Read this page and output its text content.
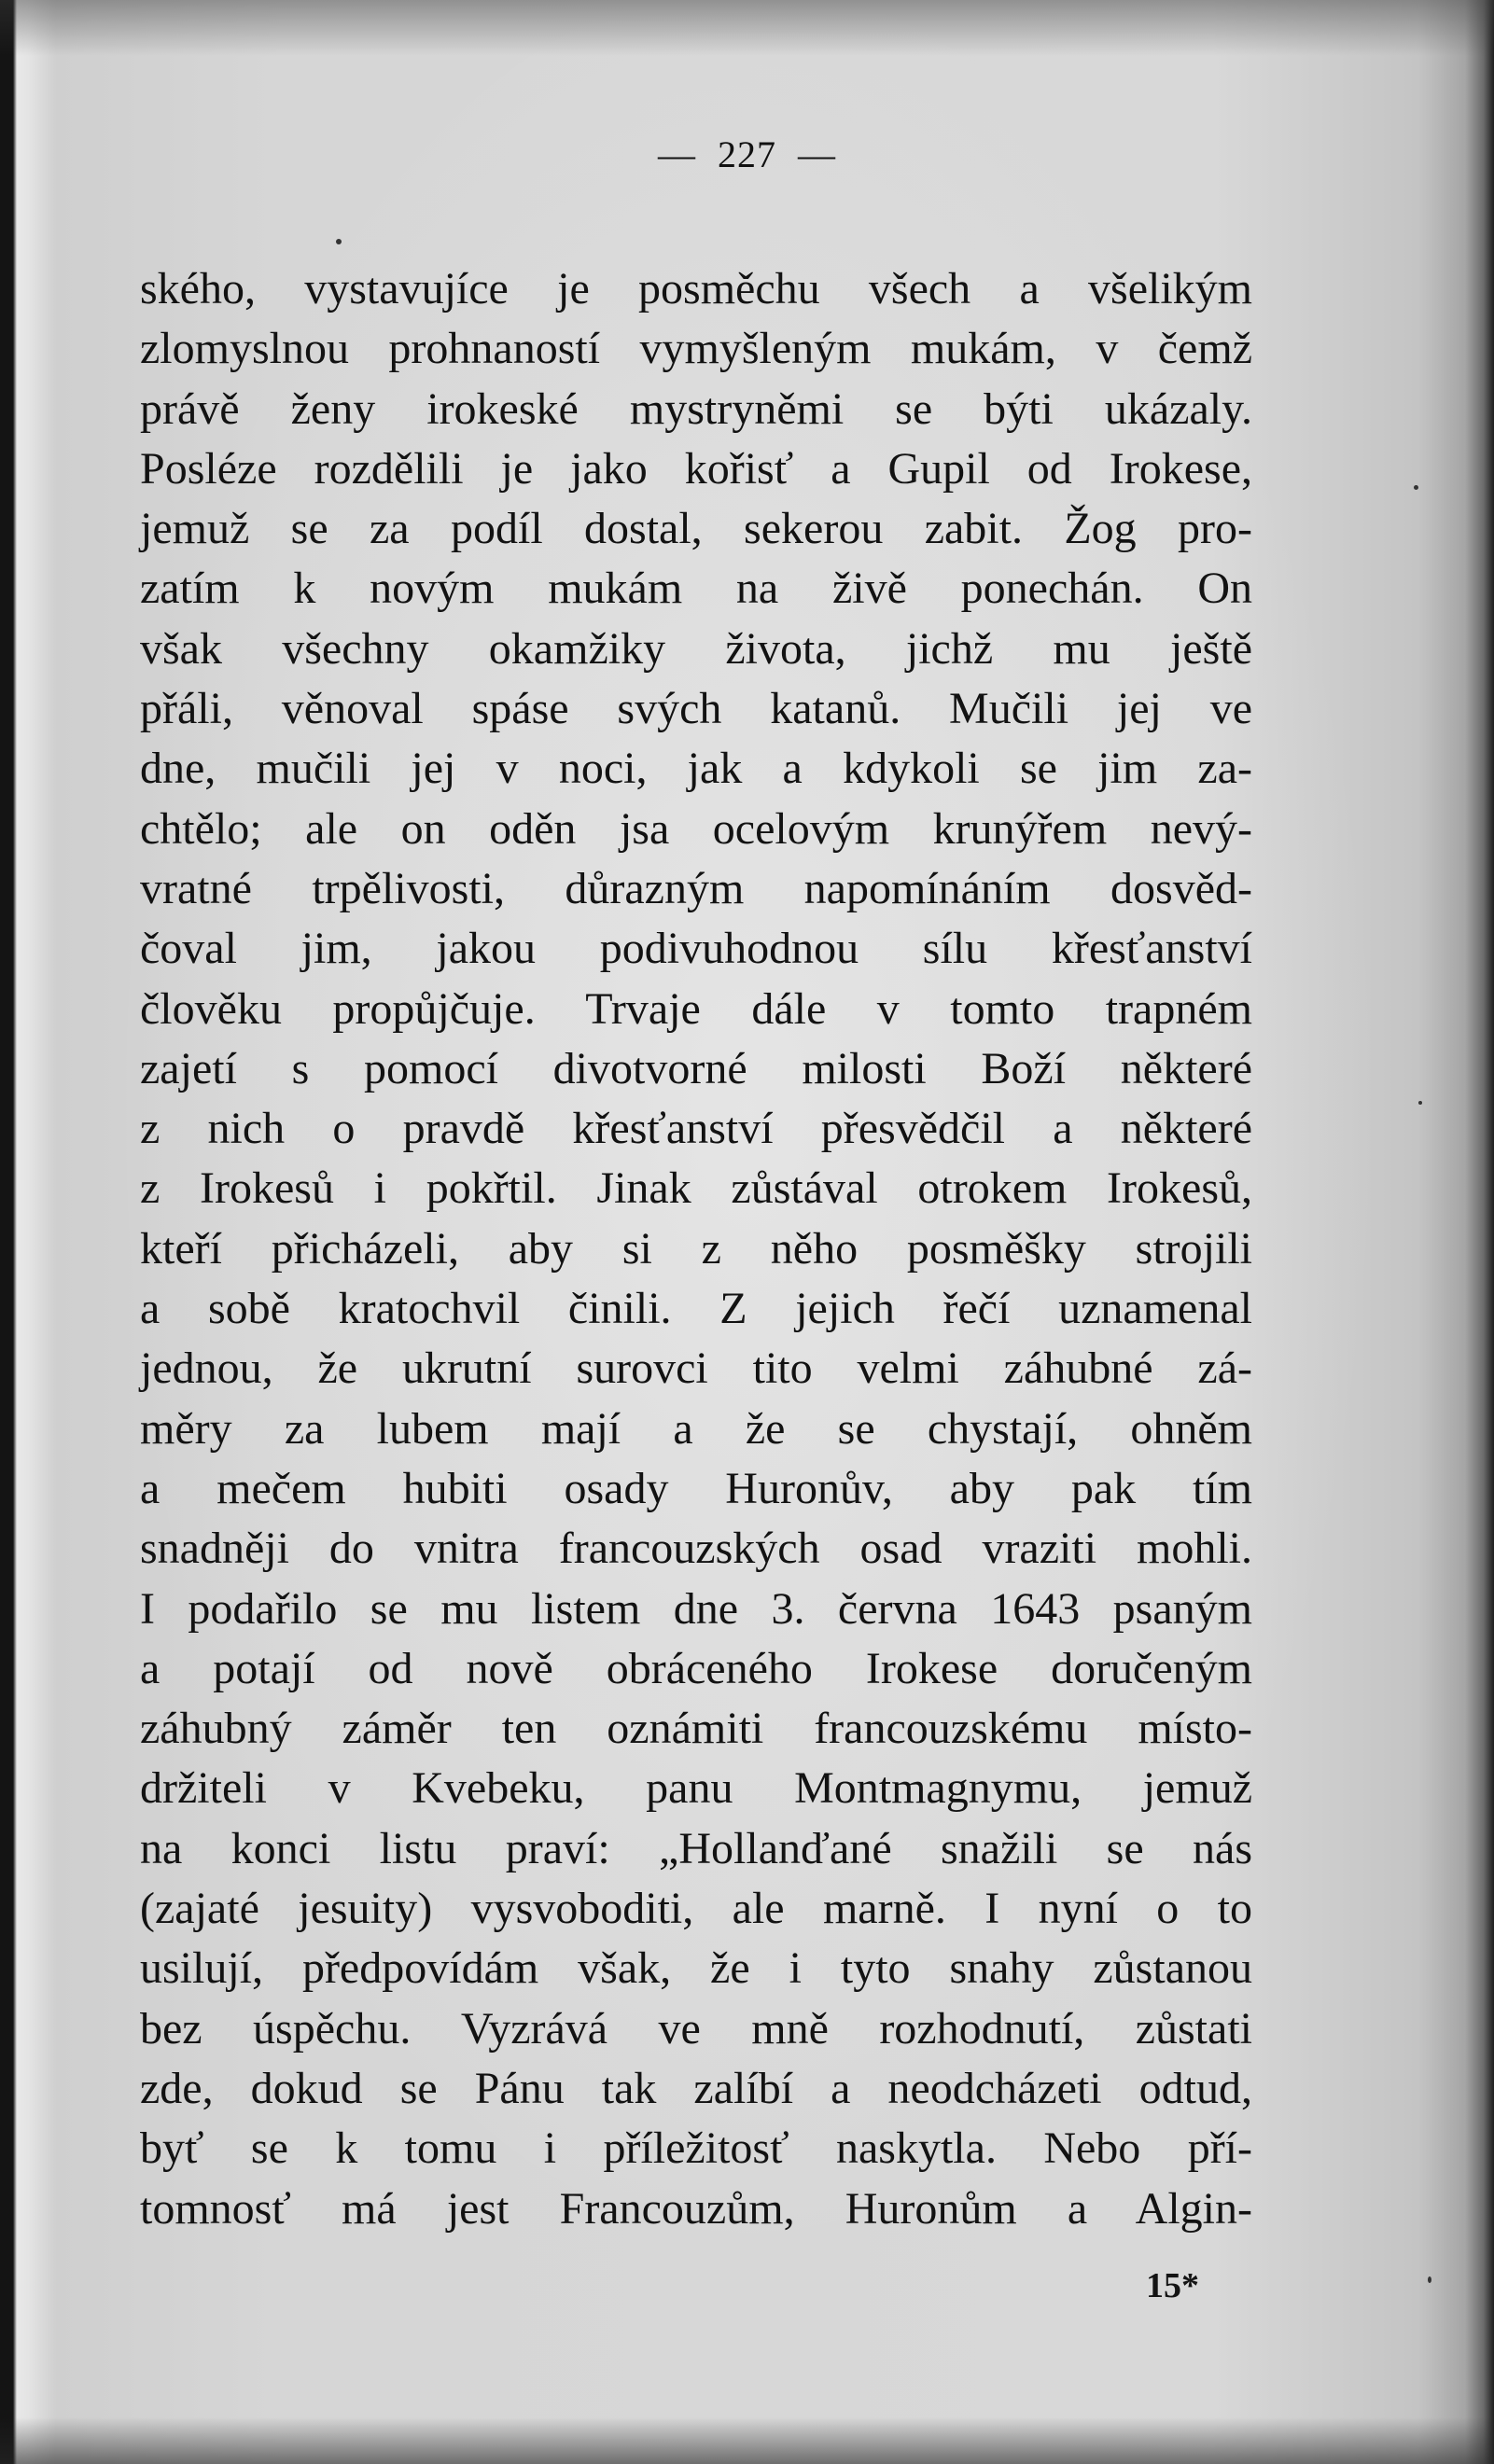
— 227 —
ského, vystavujíce je posměchu všech a všelikým
zlomyslnou prohnaností vymyšleným mukám, v čemž
právě ženy irokeské mystryněmi se býti ukázaly.
Posléze rozdělili je jako kořisť a Gupil od Irokese,
jemuž se za podíl dostal, sekerou zabit. Žog pro-
zatím k novým mukám na živě ponechán. On
však všechny okamžiky života, jichž mu ještě
přáli, věnoval spáse svých katanů. Mučili jej ve
dne, mučili jej v noci, jak a kdykoli se jim za-
chtělo; ale on oděn jsa ocelovým krunýřem nevý-
vratné trpělivosti, důrazným napomínáním dosvěd-
čoval jim, jakou podivuhodnou sílu křesťanství
člověku propůjčuje. Trvaje dále v tomto trapném
zajetí s pomocí divotvorné milosti Boží některé
z nich o pravdě křesťanství přesvědčil a některé
z Irokesů i pokřtil. Jinak zůstával otrokem Irokesů,
kteří přicházeli, aby si z něho posměšky strojili
a sobě kratochvil činili. Z jejich řečí uznamenal
jednou, že ukrutní surovci tito velmi záhubné zá-
měry za lubem mají a že se chystají, ohněm
a mečem hubiti osady Huronův, aby pak tím
snadněji do vnitra francouzských osad vraziti mohli.
I podařilo se mu listem dne 3. června 1643 psaným
a potají od nově obráceného Irokese doručeným
záhubný záměr ten oznámiti francouzskému místo-
držiteli v Kvebeku, panu Montmagnymu, jemuž
na konci listu praví: „Hollanďané snažili se nás
(zajaté jesuity) vysvoboditi, ale marně. I nyní o to
usilují, předpovídám však, že i tyto snahy zůstanou
bez úspěchu. Vyzrává ve mně rozhodnutí, zůstati
zde, dokud se Pánu tak zalíbí a neodcházeti odtud,
byť se k tomu i příležitosť naskytla. Nebo pří-
tomnosť má jest Francouzům, Huronům a Algin-
15*
